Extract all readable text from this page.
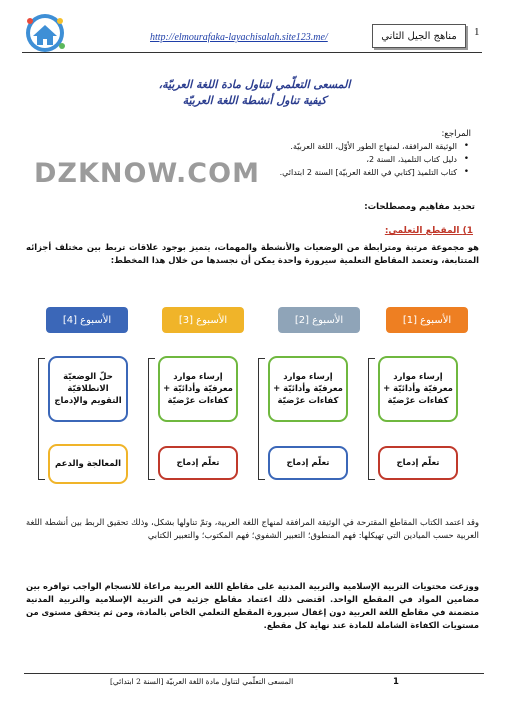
http://elmourafaka-layachisalah.site123.me/	مناهج الجيل الثاني	1
المسعى التعلّمي لتناول مادة اللغة العربيّة،
كيفية تناول أنشطة اللغة العربيّة
المراجع:
الوثيقة المرافقة، لمنهاج الطور الأوّل، اللغة العربيّة. •
دليل كتاب التلميذ، السنة 2، •
كتاب التلميذ [كتابي في اللغة العربيّة] السنة 2 ابتدائي. •
DZKNOW.COM
تحديد مفاهيم ومصطلحات:
1) المقطع التعلمي:
هو مجموعة مرتبة ومترابطة من الوضعيات والأنشطة والمهمات، يتميز بوجود علاقات تربط بين مختلف أجزائه المتتابعة، وتعتمد المقاطع التعلمية سيرورة واحدة يمكن أن نجسدها من خلال هذا المخطط:
الأسبوع [4]	الأسبوع [3]	الأسبوع [2]	الأسبوع [1]
حلّ الوضعيّة الانطلاقيّة التقويم والإدماج
إرساء موارد معرفيّة وأدائيّة + كفاءات عرْضيّة
إرساء موارد معرفيّة وأدائيّة + كفاءات عرْضيّة
إرساء موارد معرفيّة وأدائيّة + كفاءات عرْضيّة
المعالجة والدعم	تعلّم إدماج	تعلّم إدماج	تعلّم إدماج
وقد اعتمد الكتاب المقاطع المقترحة في الوثيقة المرافقة لمنهاج اللغة العربية، وتمّ تناولها بشكل، وذلك تحقيق الربط بين أنشطة اللغة العربية حسب الميادين التي تهيكلها: فهم المنطوق؛ التعبير الشفوي؛ فهم المكتوب؛ والتعبير الكتابي
ووزعت محتويات التربية الإسلامية والتربية المدنية على مقاطع اللغة العربية مراعاة للانسجام الواجب توافره بين مضامين المواد في المقطع الواحد. اقتضى ذلك اعتماد مقاطع جزئية في التربية الإسلامية والتربية المدنية متضمنة في مقاطع اللغة العربية دون إغفال سيرورة المقطع التعلمي الخاص بالمادة، ومن ثم يتحقق مستوى من مستويات الكفاءة الشاملة للمادة عند نهاية كل مقطع.
1
المسعى التعلّمي لتناول مادة اللغة العربيّة [السنة 2 ابتدائي]
